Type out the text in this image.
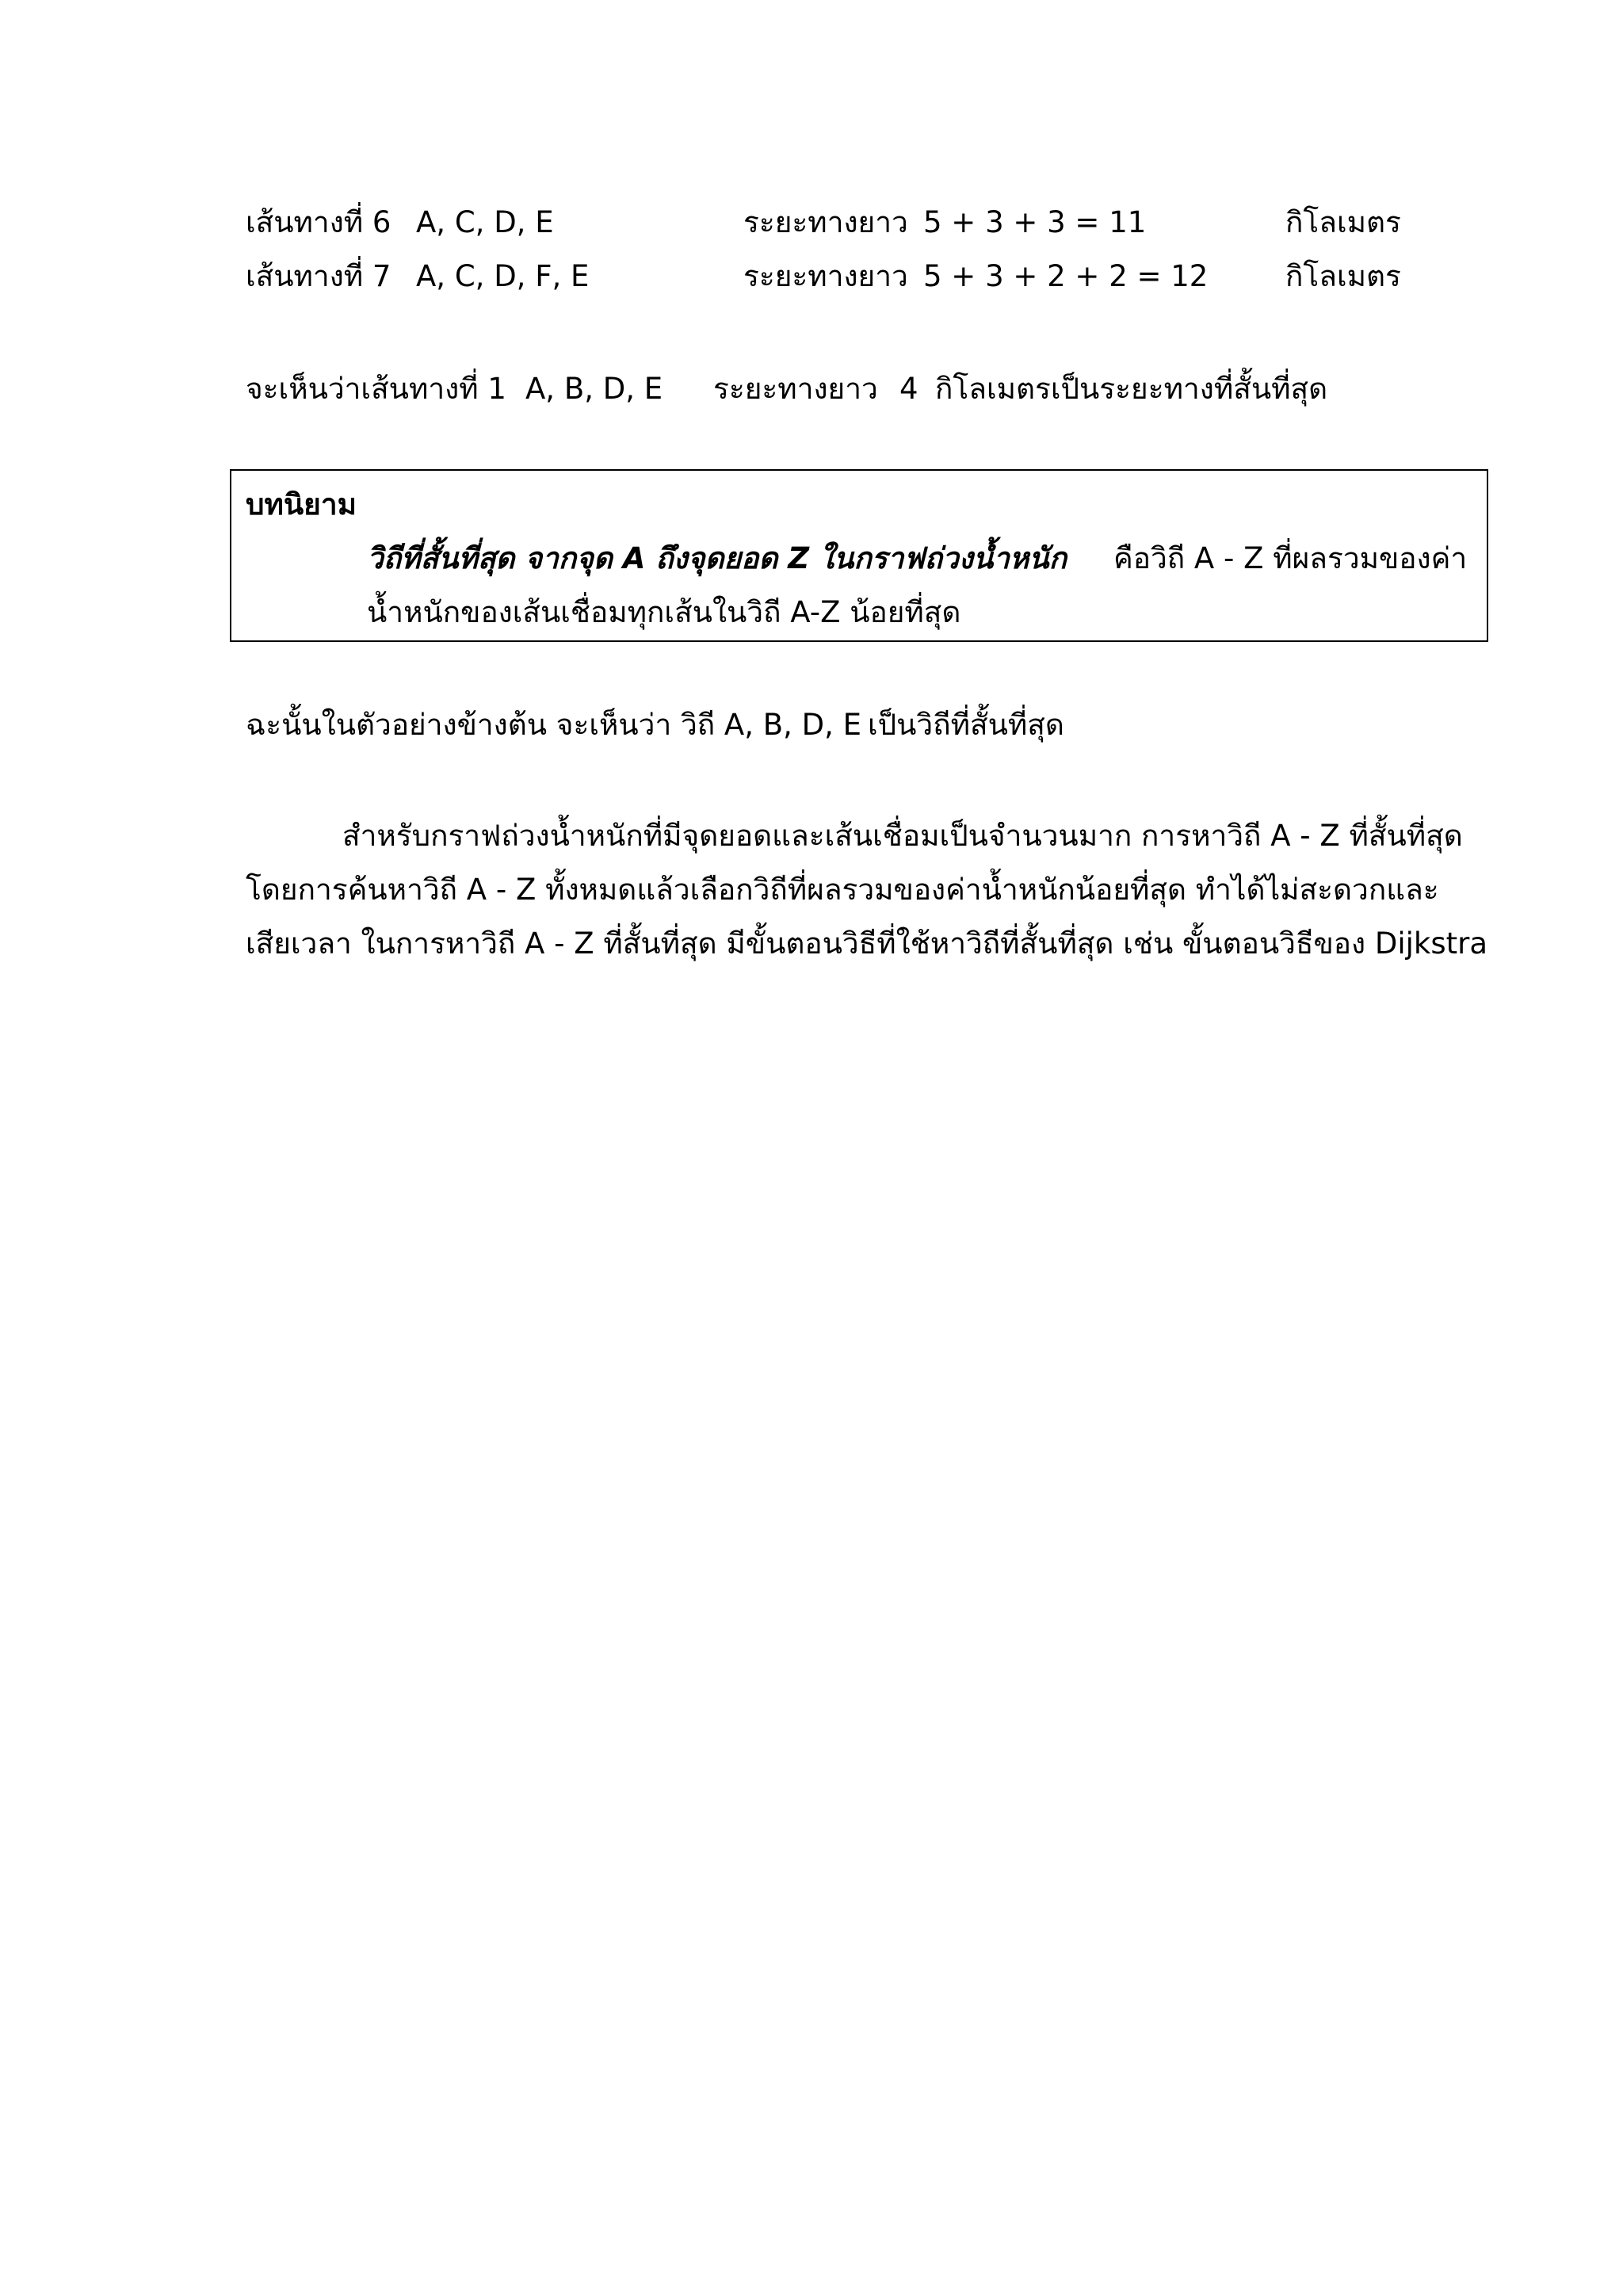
เส้นทางที่ 6 A, C, D, E	ระยะทางยาว 5 + 3 + 3 = 11	กิโลเมตร
เส้นทางที่ 7 A, C, D, F, E	ระยะทางยาว 5 + 3 + 2 + 2 = 12	กิโลเมตร
จะเห็นว่าเส้นทางที่ 1 A, B, D, E ระยะทางยาว 4 กิโลเมตรเป็นระยะทางที่สั้นที่สุด
บทนิยาม
วิถีที่สั้นที่สุด จากจุด A ถึงจุดยอด Z ในกราฟถ่วงน้ำหนัก คือวิถี A - Z ที่ผลรวมของค่า
น้ำหนักของเส้นเชื่อมทุกเส้นในวิถี A-Z น้อยที่สุด
ฉะนั้นในตัวอย่างข้างต้น จะเห็นว่า วิถี A, B, D, E เป็นวิถีที่สั้นที่สุด
สำหรับกราฟถ่วงน้ำหนักที่มีจุดยอดและเส้นเชื่อมเป็นจำนวนมาก การหาวิถี A - Z ที่สั้นที่สุด
โดยการค้นหาวิถี A - Z ทั้งหมดแล้วเลือกวิถีที่ผลรวมของค่าน้ำหนักน้อยที่สุด ทำได้ไม่สะดวกและ
เสียเวลา ในการหาวิถี A - Z ที่สั้นที่สุด มีขั้นตอนวิธีที่ใช้หาวิถีที่สั้นที่สุด เช่น ขั้นตอนวิธีของ Dijkstra
